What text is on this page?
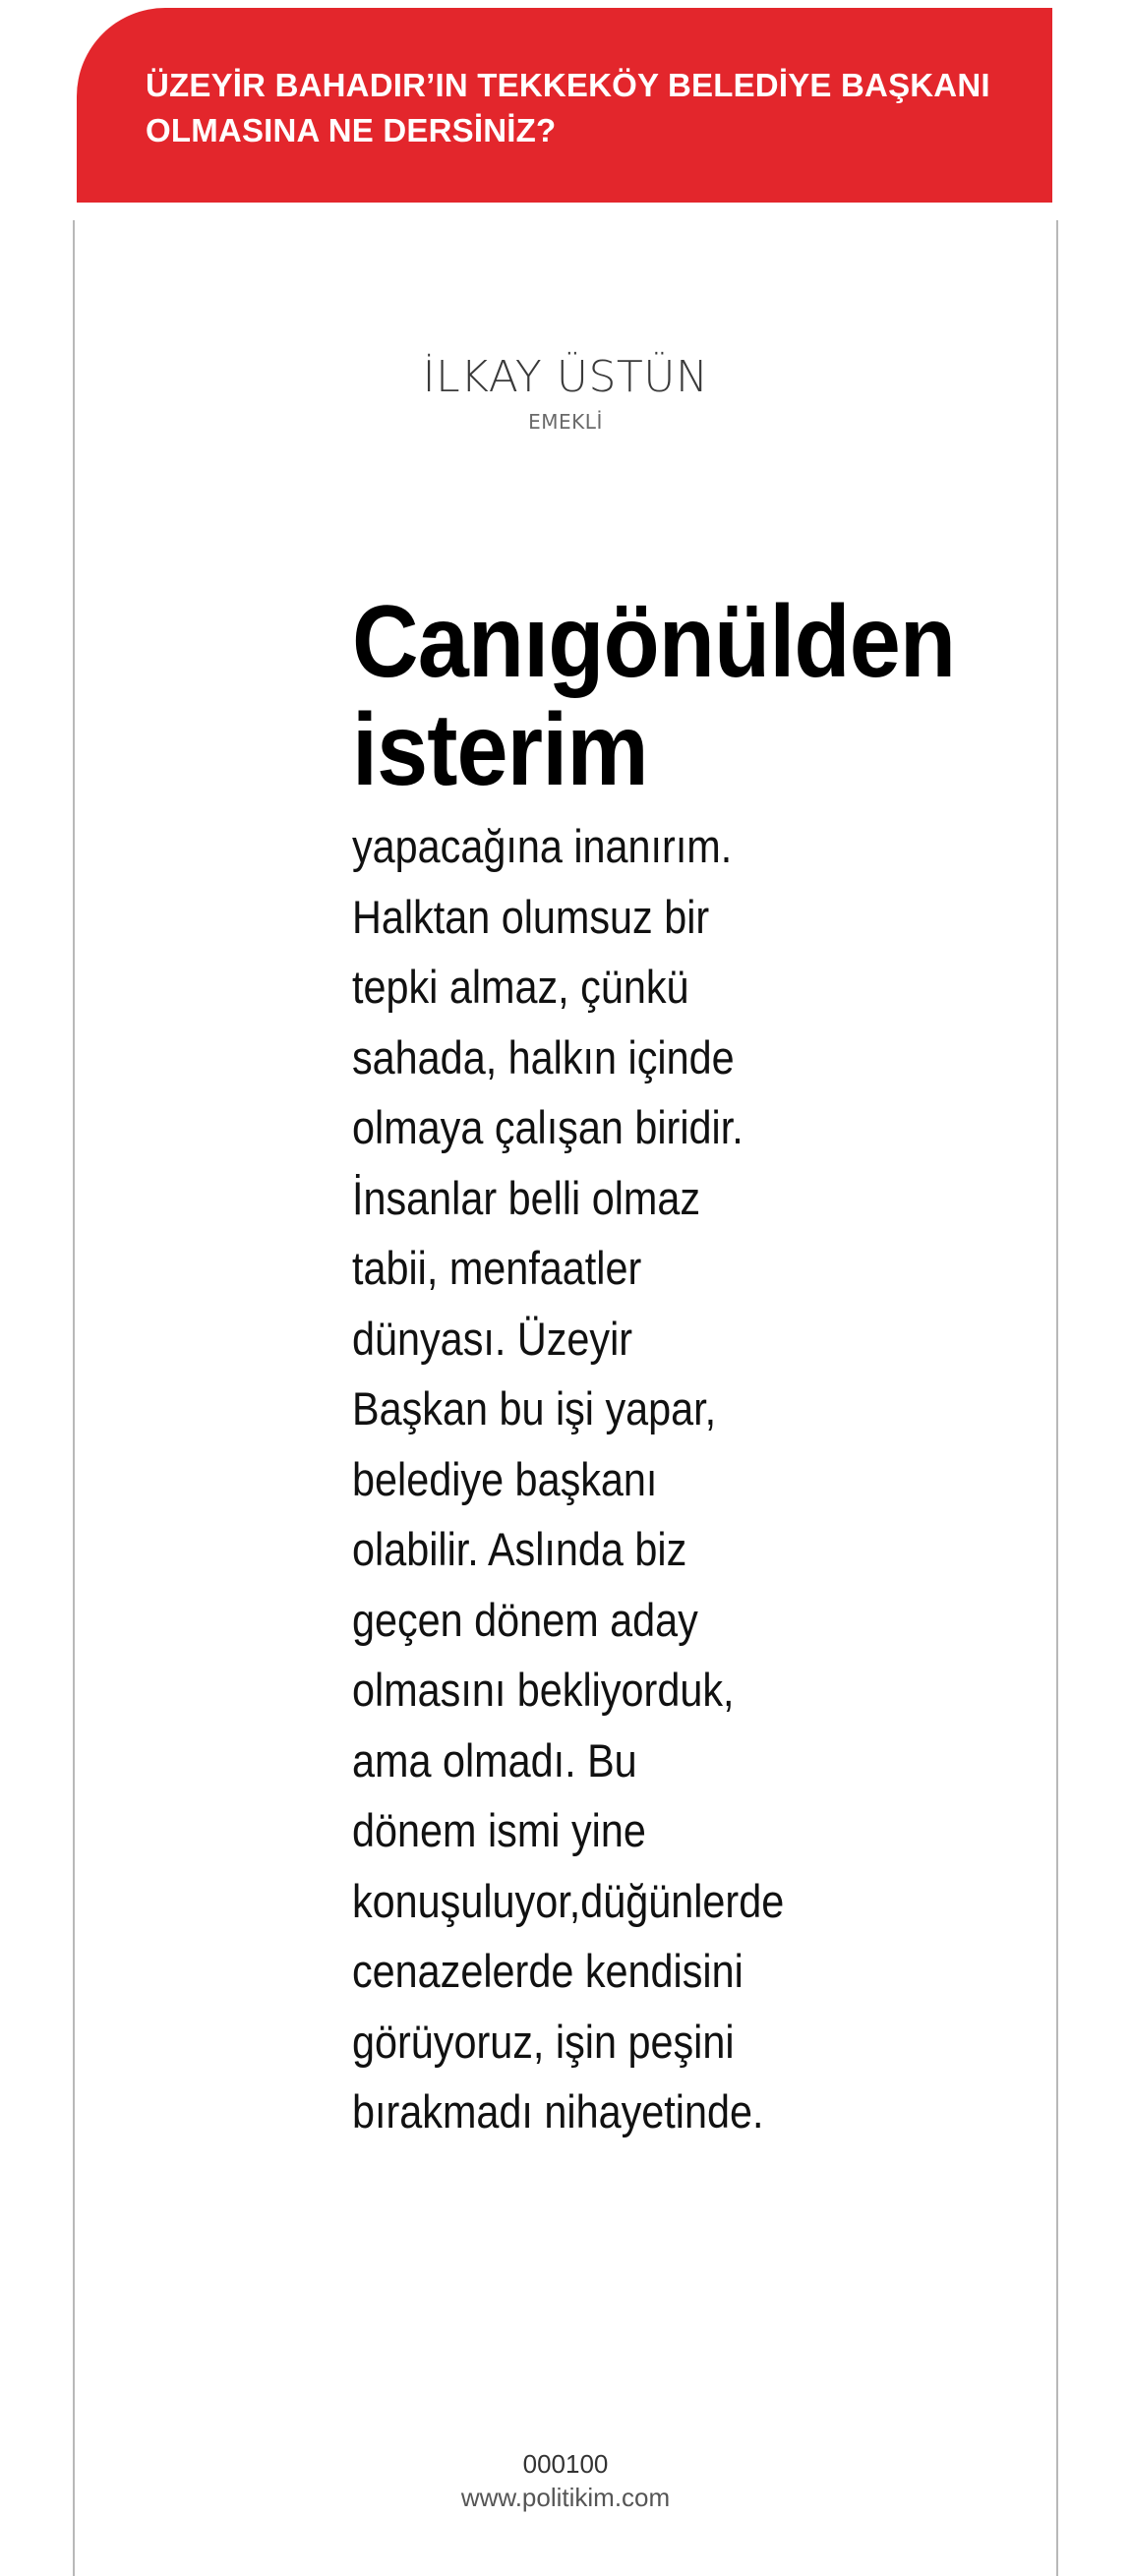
ÜZEYİR BAHADIR’IN TEKKEKÖY BELEDİYE BAŞKANI
OLMASINA NE DERSİNİZ?
İLKAY ÜSTÜN
EMEKLİ
Canıgönülden
isterim
yapacağına inanırım.
Halktan olumsuz bir
tepki almaz, çünkü
sahada, halkın içinde
olmaya çalışan biridir.
İnsanlar belli olmaz
tabii, menfaatler
dünyası. Üzeyir
Başkan bu işi yapar,
belediye başkanı
olabilir. Aslında biz
geçen dönem aday
olmasını bekliyorduk,
ama olmadı. Bu
dönem ismi yine
konuşuluyor,düğünlerde
cenazelerde kendisini
görüyoruz, işin peşini
bırakmadı nihayetinde.
000100
www.politikim.com
